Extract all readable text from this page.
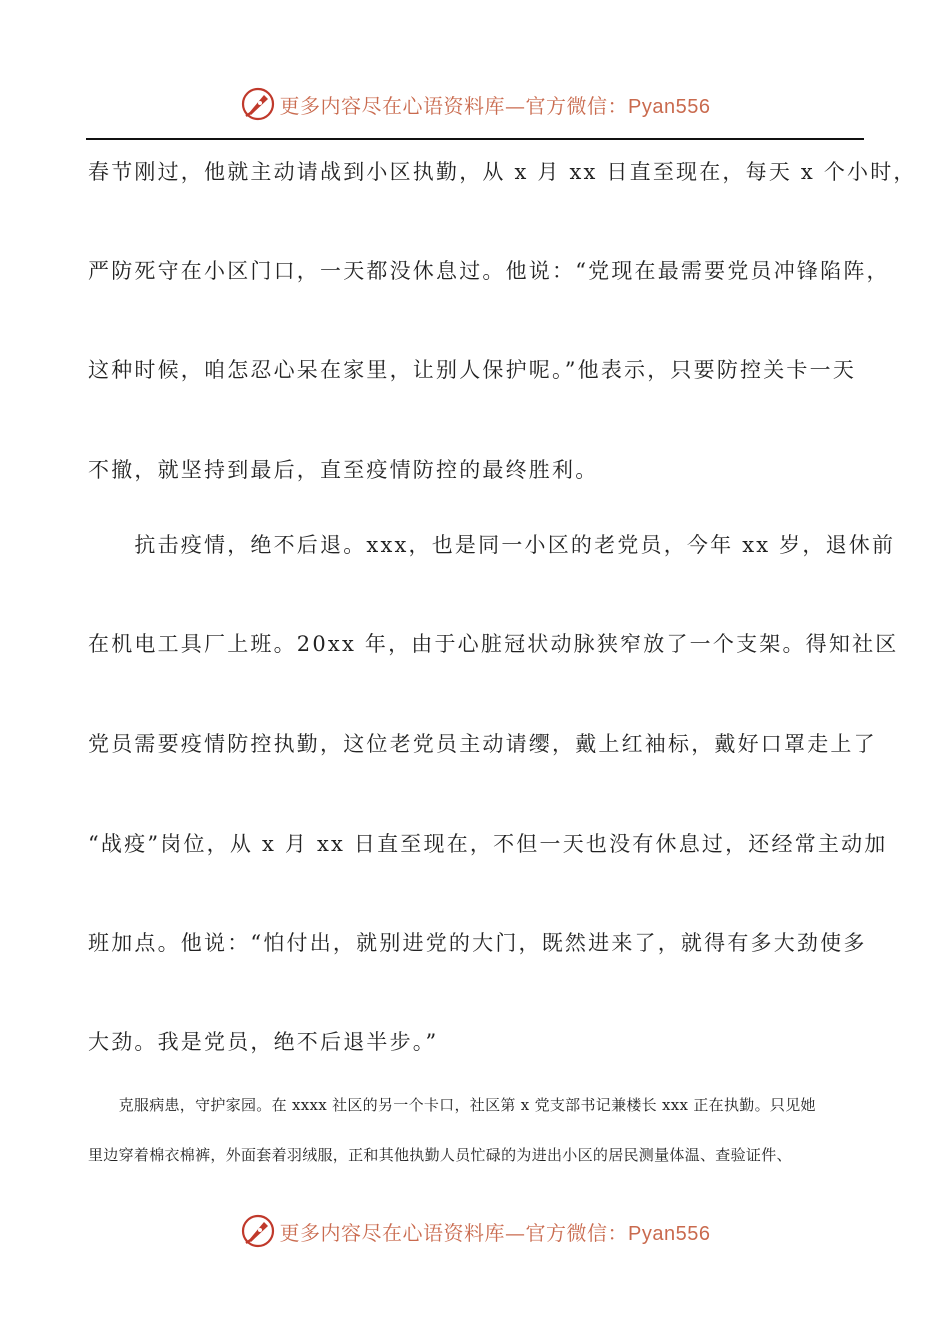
更多内容尽在心语资料库—官方微信：Pyan556
春节刚过，他就主动请战到小区执勤，从 x 月 xx 日直至现在，每天 x 个小时，
严防死守在小区门口，一天都没休息过。他说：“党现在最需要党员冲锋陷阵，
这种时候，咱怎忍心呆在家里，让别人保护呢。”他表示，只要防控关卡一天
不撤，就坚持到最后，直至疫情防控的最终胜利。
　　抗击疫情，绝不后退。xxx，也是同一小区的老党员，今年 xx 岁，退休前
在机电工具厂上班。20xx 年，由于心脏冠状动脉狭窄放了一个支架。得知社区
党员需要疫情防控执勤，这位老党员主动请缨，戴上红袖标，戴好口罩走上了
“战疫”岗位，从 x 月 xx 日直至现在，不但一天也没有休息过，还经常主动加
班加点。他说：“怕付出，就别进党的大门，既然进来了，就得有多大劲使多
大劲。我是党员，绝不后退半步。”
　　克服病患，守护家园。在 xxxx 社区的另一个卡口，社区第 x 党支部书记兼楼长 xxx 正在执勤。只见她
里边穿着棉衣棉裤，外面套着羽绒服，正和其他执勤人员忙碌的为进出小区的居民测量体温、查验证件、
更多内容尽在心语资料库—官方微信：Pyan556
